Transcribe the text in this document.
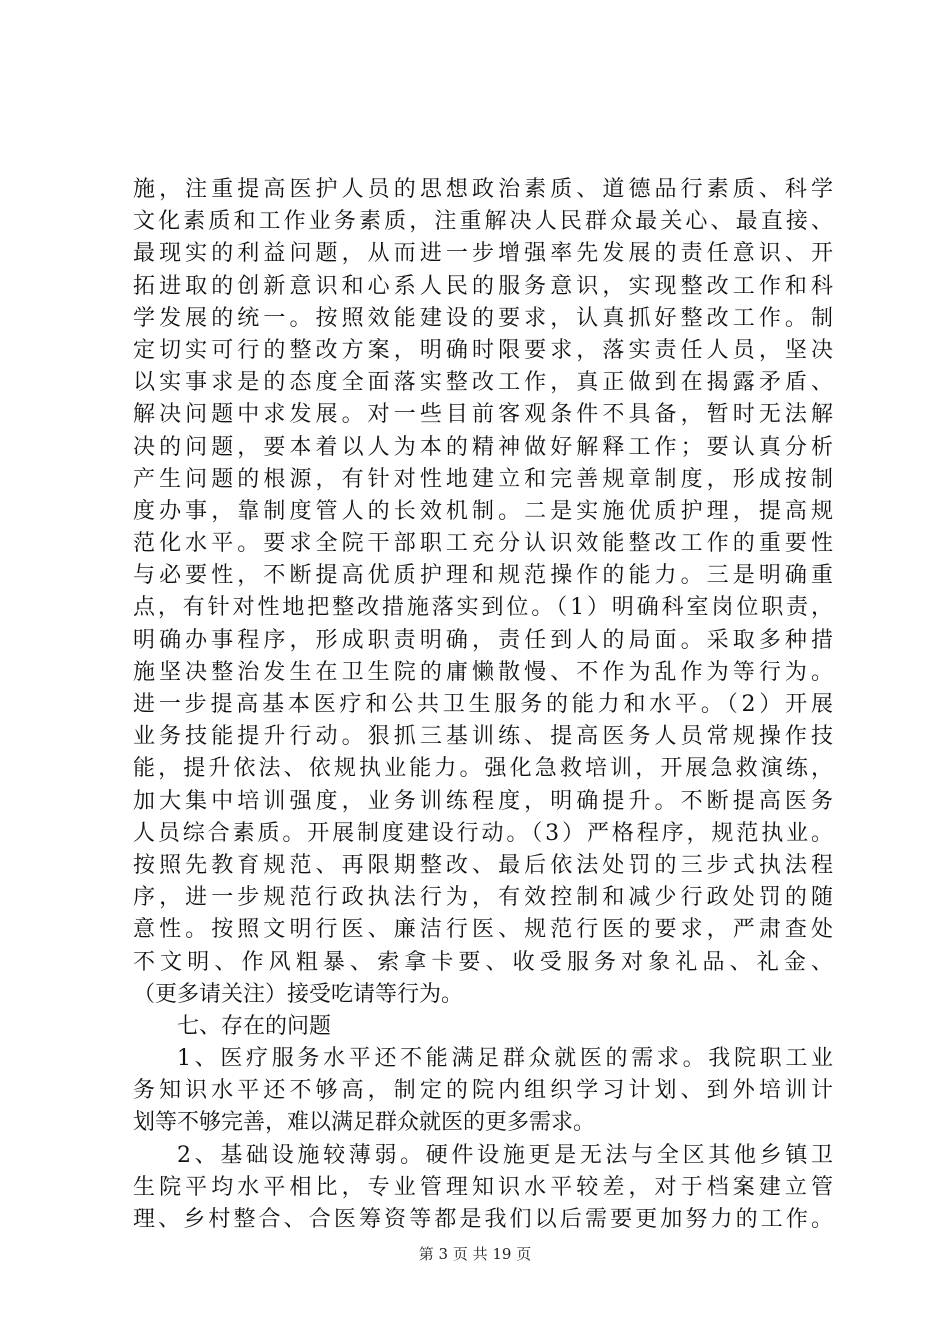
施，注重提高医护人员的思想政治素质、道德品行素质、科学
文化素质和工作业务素质，注重解决人民群众最关心、最直接、
最现实的利益问题，从而进一步增强率先发展的责任意识、开
拓进取的创新意识和心系人民的服务意识，实现整改工作和科
学发展的统一。按照效能建设的要求，认真抓好整改工作。制
定切实可行的整改方案，明确时限要求，落实责任人员，坚决
以实事求是的态度全面落实整改工作，真正做到在揭露矛盾、
解决问题中求发展。对一些目前客观条件不具备，暂时无法解
决的问题，要本着以人为本的精神做好解释工作；要认真分析
产生问题的根源，有针对性地建立和完善规章制度，形成按制
度办事，靠制度管人的长效机制。二是实施优质护理，提高规
范化水平。要求全院干部职工充分认识效能整改工作的重要性
与必要性，不断提高优质护理和规范操作的能力。三是明确重
点，有针对性地把整改措施落实到位。（1）明确科室岗位职责，
明确办事程序，形成职责明确，责任到人的局面。采取多种措
施坚决整治发生在卫生院的庸懒散慢、不作为乱作为等行为。
进一步提高基本医疗和公共卫生服务的能力和水平。（2）开展
业务技能提升行动。狠抓三基训练、提高医务人员常规操作技
能，提升依法、依规执业能力。强化急救培训，开展急救演练，
加大集中培训强度，业务训练程度，明确提升。不断提高医务
人员综合素质。开展制度建设行动。（3）严格程序，规范执业。
按照先教育规范、再限期整改、最后依法处罚的三步式执法程
序，进一步规范行政执法行为，有效控制和减少行政处罚的随
意性。按照文明行医、廉洁行医、规范行医的要求，严肃查处
不文明、作风粗暴、索拿卡要、收受服务对象礼品、礼金、
（更多请关注）接受吃请等行为。
七、存在的问题
1、医疗服务水平还不能满足群众就医的需求。我院职工业
务知识水平还不够高，制定的院内组织学习计划、到外培训计
划等不够完善，难以满足群众就医的更多需求。
2、基础设施较薄弱。硬件设施更是无法与全区其他乡镇卫
生院平均水平相比，专业管理知识水平较差，对于档案建立管
理、乡村整合、合医筹资等都是我们以后需要更加努力的工作。
第 3 页 共 19 页
